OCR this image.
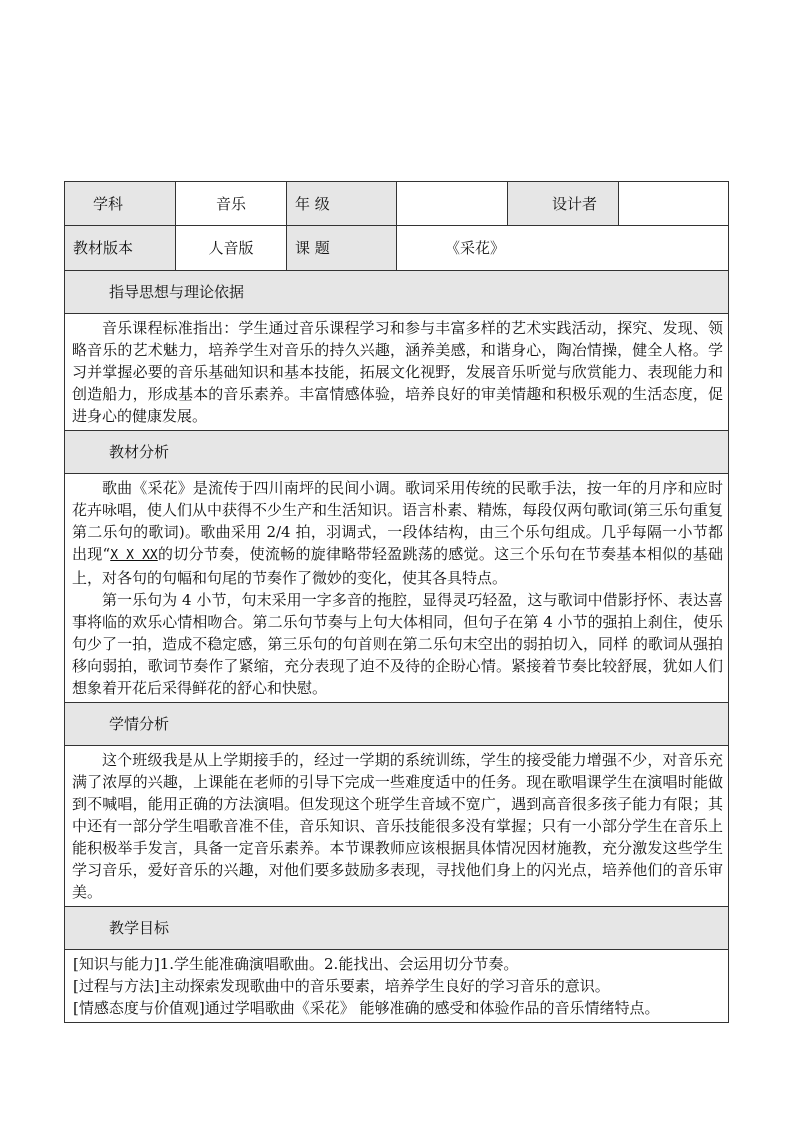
学科	音乐	年 级		设计者	
教材版本	人音版	课 题	《采花》		
指导思想与理论依据					

音乐课程标准指出：学生通过音乐课程学习和参与丰富多样的艺术实践活动，探究、发现、领略音乐的艺术魅力，培养学生对音乐的持久兴趣，涵养美感，和谐身心，陶冶情操，健全人格。学习并掌握必要的音乐基础知识和基本技能，拓展文化视野，发展音乐听觉与欣赏能力、表现能力和创造船力，形成基本的音乐素养。丰富情感体验，培养良好的审美情趣和积极乐观的生活态度，促进身心的健康发展。					

教材分析					

歌曲《采花》是流传于四川南坪的民间小调。歌词采用传统的民歌手法，按一年的月序和应时花卉咏唱，使人们从中获得不少生产和生活知识。语言朴素、精炼，每段仅两句歌词(第三乐句重复第二乐句的歌词)。歌曲采用 2/4 拍，羽调式，一段体结构，由三个乐句组成。几乎每隔一小节都出现“X X XX的切分节奏，使流畅的旋律略带轻盈跳荡的感觉。这三个乐句在节奏基本相似的基础上，对各句的句幅和句尾的节奏作了微妙的变化，使其各具特点。

第一乐句为 4 小节，句末采用一字多音的拖腔，显得灵巧轻盈，这与歌词中借影抒怀、表达喜事将临的欢乐心情相吻合。第二乐句节奏与上句大体相同，但句子在第 4 小节的强拍上刹住，使乐句少了一拍，造成不稳定感，第三乐句的句首则在第二乐句末空出的弱拍切入，同样 的歌词从强拍移向弱拍，歌词节奏作了紧缩，充分表现了迫不及待的企盼心情。紧接着节奏比较舒展，犹如人们想象着开花后采得鲜花的舒心和快慰。					

学情分析					

这个班级我是从上学期接手的，经过一学期的系统训练，学生的接受能力增强不少，对音乐充满了浓厚的兴趣，上课能在老师的引导下完成一些难度适中的任务。现在歌唱课学生在演唱时能做到不喊唱，能用正确的方法演唱。但发现这个班学生音域不宽广，遇到高音很多孩子能力有限；其中还有一部分学生唱歌音准不佳，音乐知识、音乐技能很多没有掌握；只有一小部分学生在音乐上能积极举手发言，具备一定音乐素养。本节课教师应该根据具体情况因材施教，充分激发这些学生学习音乐，爱好音乐的兴趣，对他们要多鼓励多表现，寻找他们身上的闪光点，培养他们的音乐审美。					

教学目标					

[知识与能力]1.学生能准确演唱歌曲。2.能找出、会运用切分节奏。

[过程与方法]主动探索发现歌曲中的音乐要素，培养学生良好的学习音乐的意识。

[情感态度与价值观]通过学唱歌曲《采花》 能够准确的感受和体验作品的音乐情绪特点。					
